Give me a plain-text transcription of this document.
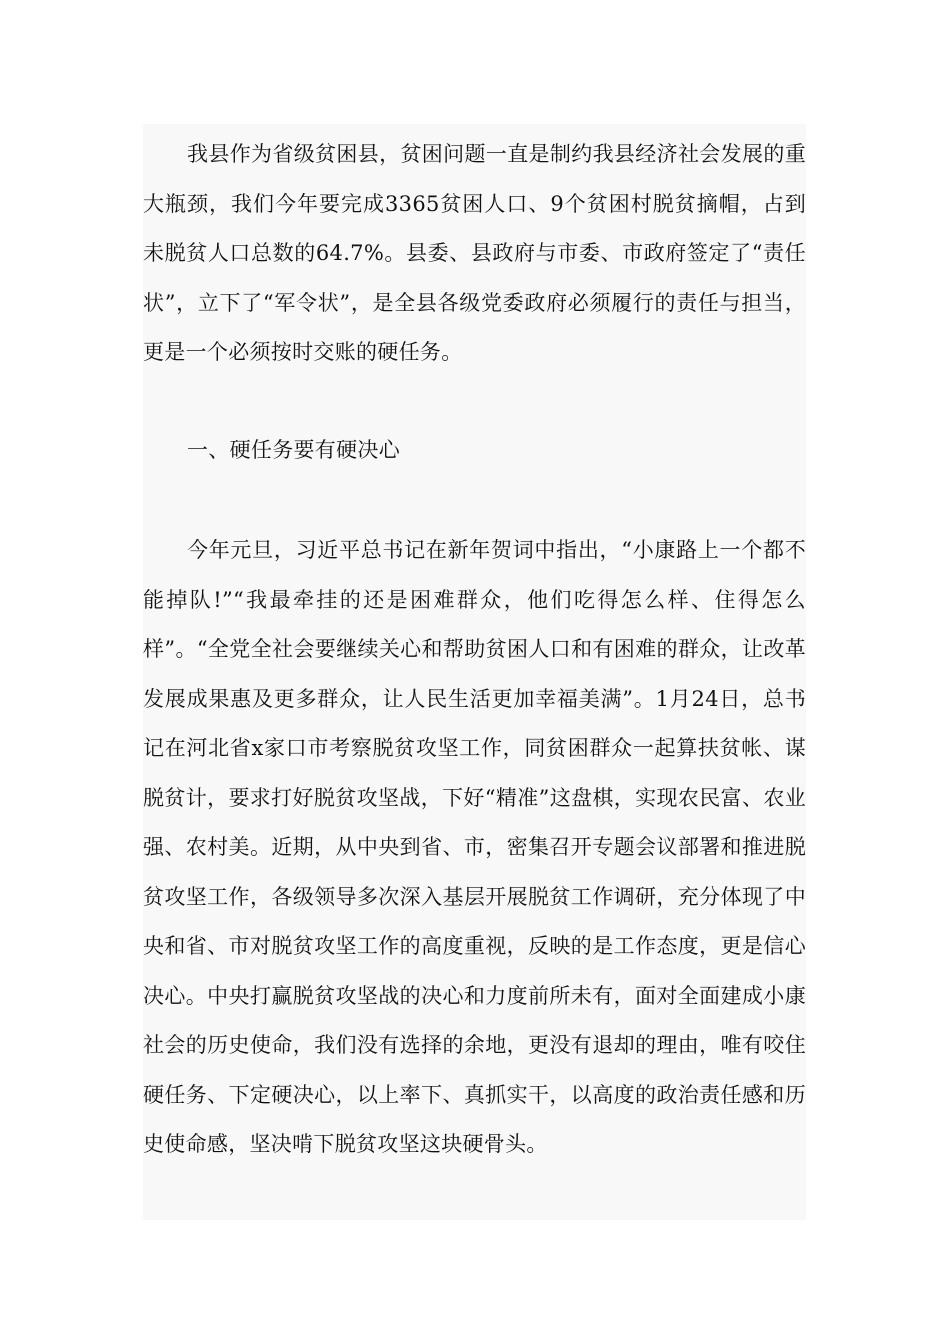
我县作为省级贫困县，贫困问题一直是制约我县经济社会发展的重大瓶颈，我们今年要完成3365贫困人口、9个贫困村脱贫摘帽，占到未脱贫人口总数的64.7%。县委、县政府与市委、市政府签定了“责任状”，立下了“军令状”，是全县各级党委政府必须履行的责任与担当，更是一个必须按时交账的硬任务。

一、硬任务要有硬决心

今年元旦，习近平总书记在新年贺词中指出，“小康路上一个都不能掉队!”“我最牵挂的还是困难群众，他们吃得怎么样、住得怎么样”。“全党全社会要继续关心和帮助贫困人口和有困难的群众，让改革发展成果惠及更多群众，让人民生活更加幸福美满”。1月24日，总书记在河北省x家口市考察脱贫攻坚工作，同贫困群众一起算扶贫帐、谋脱贫计，要求打好脱贫攻坚战，下好“精准”这盘棋，实现农民富、农业强、农村美。近期，从中央到省、市，密集召开专题会议部署和推进脱贫攻坚工作，各级领导多次深入基层开展脱贫工作调研，充分体现了中央和省、市对脱贫攻坚工作的高度重视，反映的是工作态度，更是信心决心。中央打赢脱贫攻坚战的决心和力度前所未有，面对全面建成小康社会的历史使命，我们没有选择的余地，更没有退却的理由，唯有咬住硬任务、下定硬决心，以上率下、真抓实干，以高度的政治责任感和历史使命感，坚决啃下脱贫攻坚这块硬骨头。
